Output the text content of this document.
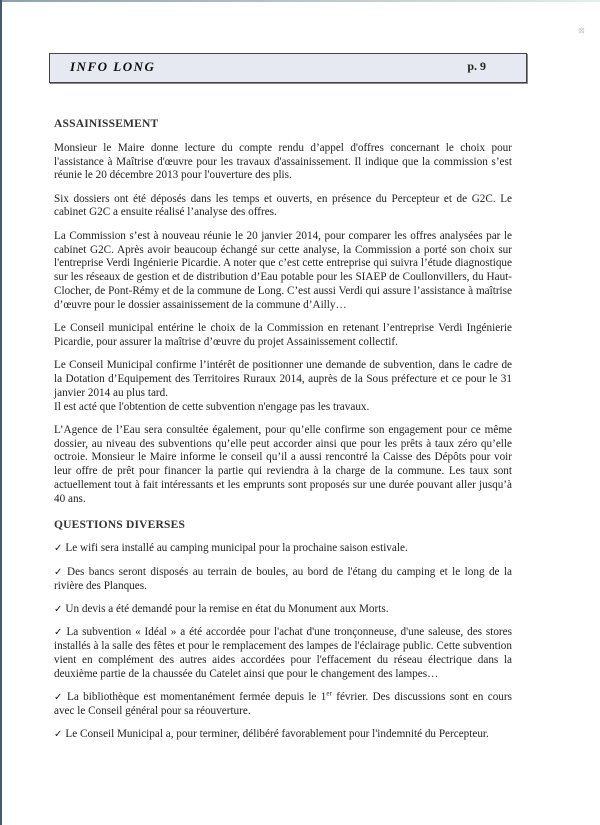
⊠
INFO LONG	p. 9
ASSAINISSEMENT

Monsieur le Maire donne lecture du compte rendu d’appel d'offres concernant le choix pour l'assistance à Maîtrise d'œuvre pour les travaux d'assainissement. Il indique que la commission s’est réunie le 20 décembre 2013 pour l'ouverture des plis.

Six dossiers ont été déposés dans les temps et ouverts, en présence du Percepteur et de G2C. Le cabinet G2C a ensuite réalisé l’analyse des offres.

La Commission s’est à nouveau réunie le 20 janvier 2014, pour comparer les offres analysées par le cabinet G2C. Après avoir beaucoup échangé sur cette analyse, la Commission a porté son choix sur l'entreprise Verdi Ingénierie Picardie. A noter que c’est cette entreprise qui suivra l’étude diagnostique sur les réseaux de gestion et de distribution d’Eau potable pour les SIAEP de Coullonvillers, du Haut-Clocher, de Pont-Rémy et de la commune de Long. C’est aussi Verdi qui assure l’assistance à maîtrise d’œuvre pour le dossier assainissement de la commune d’Ailly…

Le Conseil municipal entérine le choix de la Commission en retenant l’entreprise Verdi Ingénierie Picardie, pour assurer la maîtrise d’œuvre du projet Assainissement collectif.

Le Conseil Municipal confirme l’intérêt de positionner une demande de subvention, dans le cadre de la Dotation d’Equipement des Territoires Ruraux 2014, auprès de la Sous préfecture et ce pour le 31 janvier 2014 au plus tard.

Il est acté que l'obtention de cette subvention n'engage pas les travaux.

L’Agence de l’Eau sera consultée également, pour qu’elle confirme son engagement pour ce même dossier, au niveau des subventions qu’elle peut accorder ainsi que pour les prêts à taux zéro qu’elle octroie. Monsieur le Maire informe le conseil qu’il a aussi rencontré la Caisse des Dépôts pour voir leur offre de prêt pour financer la partie qui reviendra à la charge de la commune. Les taux sont actuellement tout à fait intéressants et les emprunts sont proposés sur une durée pouvant aller jusqu’à 40 ans.

QUESTIONS DIVERSES
✓ Le wifi sera installé au camping municipal pour la prochaine saison estivale.
✓ Des bancs seront disposés au terrain de boules, au bord de l'étang du camping et le long de la rivière des Planques.
✓ Un devis a été demandé pour la remise en état du Monument aux Morts.
✓ La subvention « Idéal » a été accordée pour l'achat d'une tronçonneuse, d'une saleuse, des stores installés à la salle des fêtes et pour le remplacement des lampes de l'éclairage public. Cette subvention vient en complément des autres aides accordées pour l'effacement du réseau électrique dans la deuxième partie de la chaussée du Catelet ainsi que pour le changement des lampes…
✓ La bibliothèque est momentanément fermée depuis le 1er février. Des discussions sont en cours avec le Conseil général pour sa réouverture.
✓ Le Conseil Municipal a, pour terminer, délibéré favorablement pour l'indemnité du Percepteur.
